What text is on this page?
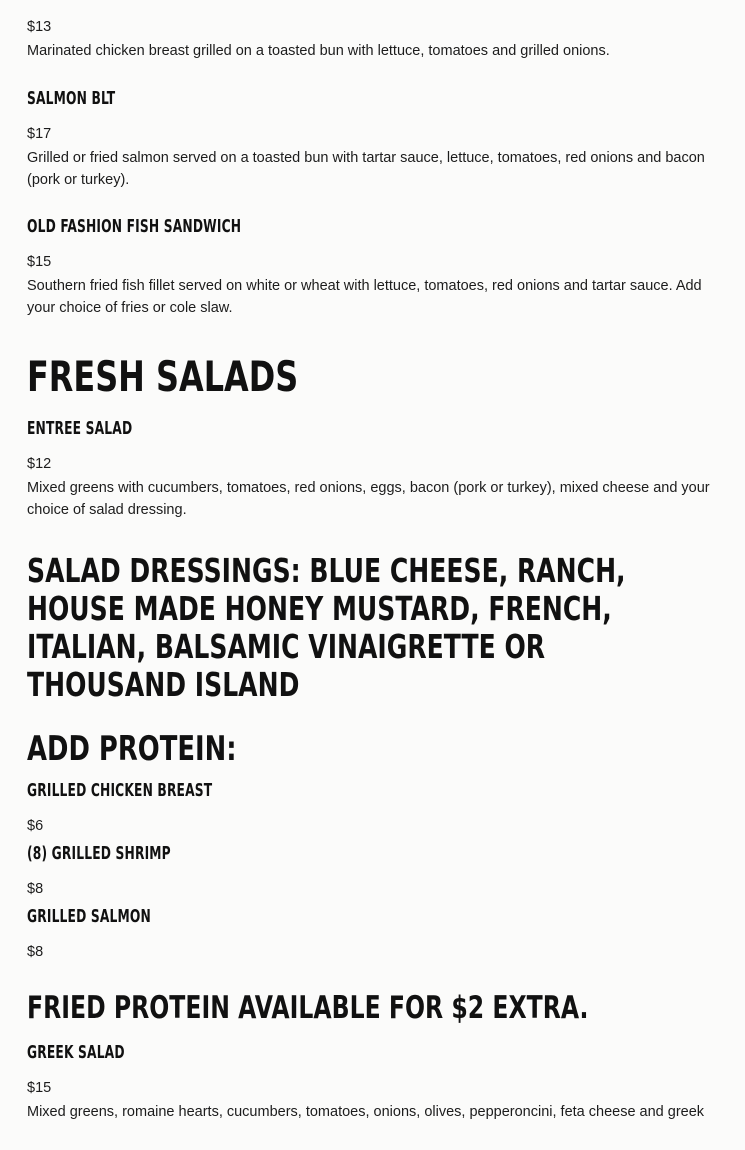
$13

Marinated chicken breast grilled on a toasted bun with lettuce, tomatoes and grilled onions.

SALMON BLT

$17

Grilled or fried salmon served on a toasted bun with tartar sauce, lettuce, tomatoes, red onions and bacon (pork or turkey).

OLD FASHION FISH SANDWICH

$15

Southern fried fish fillet served on white or wheat with lettuce, tomatoes, red onions and tartar sauce. Add your choice of fries or cole slaw.

FRESH SALADS
ENTREE SALAD

$12

Mixed greens with cucumbers, tomatoes, red onions, eggs, bacon (pork or turkey), mixed cheese and your choice of salad dressing.

SALAD DRESSINGS: BLUE CHEESE, RANCH, HOUSE MADE HONEY MUSTARD, FRENCH, ITALIAN, BALSAMIC VINAIGRETTE OR THOUSAND ISLAND
ADD PROTEIN:
GRILLED CHICKEN BREAST

$6

(8) GRILLED SHRIMP

$8

GRILLED SALMON

$8

FRIED PROTEIN AVAILABLE FOR $2 EXTRA.
GREEK SALAD

$15

Mixed greens, romaine hearts, cucumbers, tomatoes, onions, olives, pepperoncini, feta cheese and greek
